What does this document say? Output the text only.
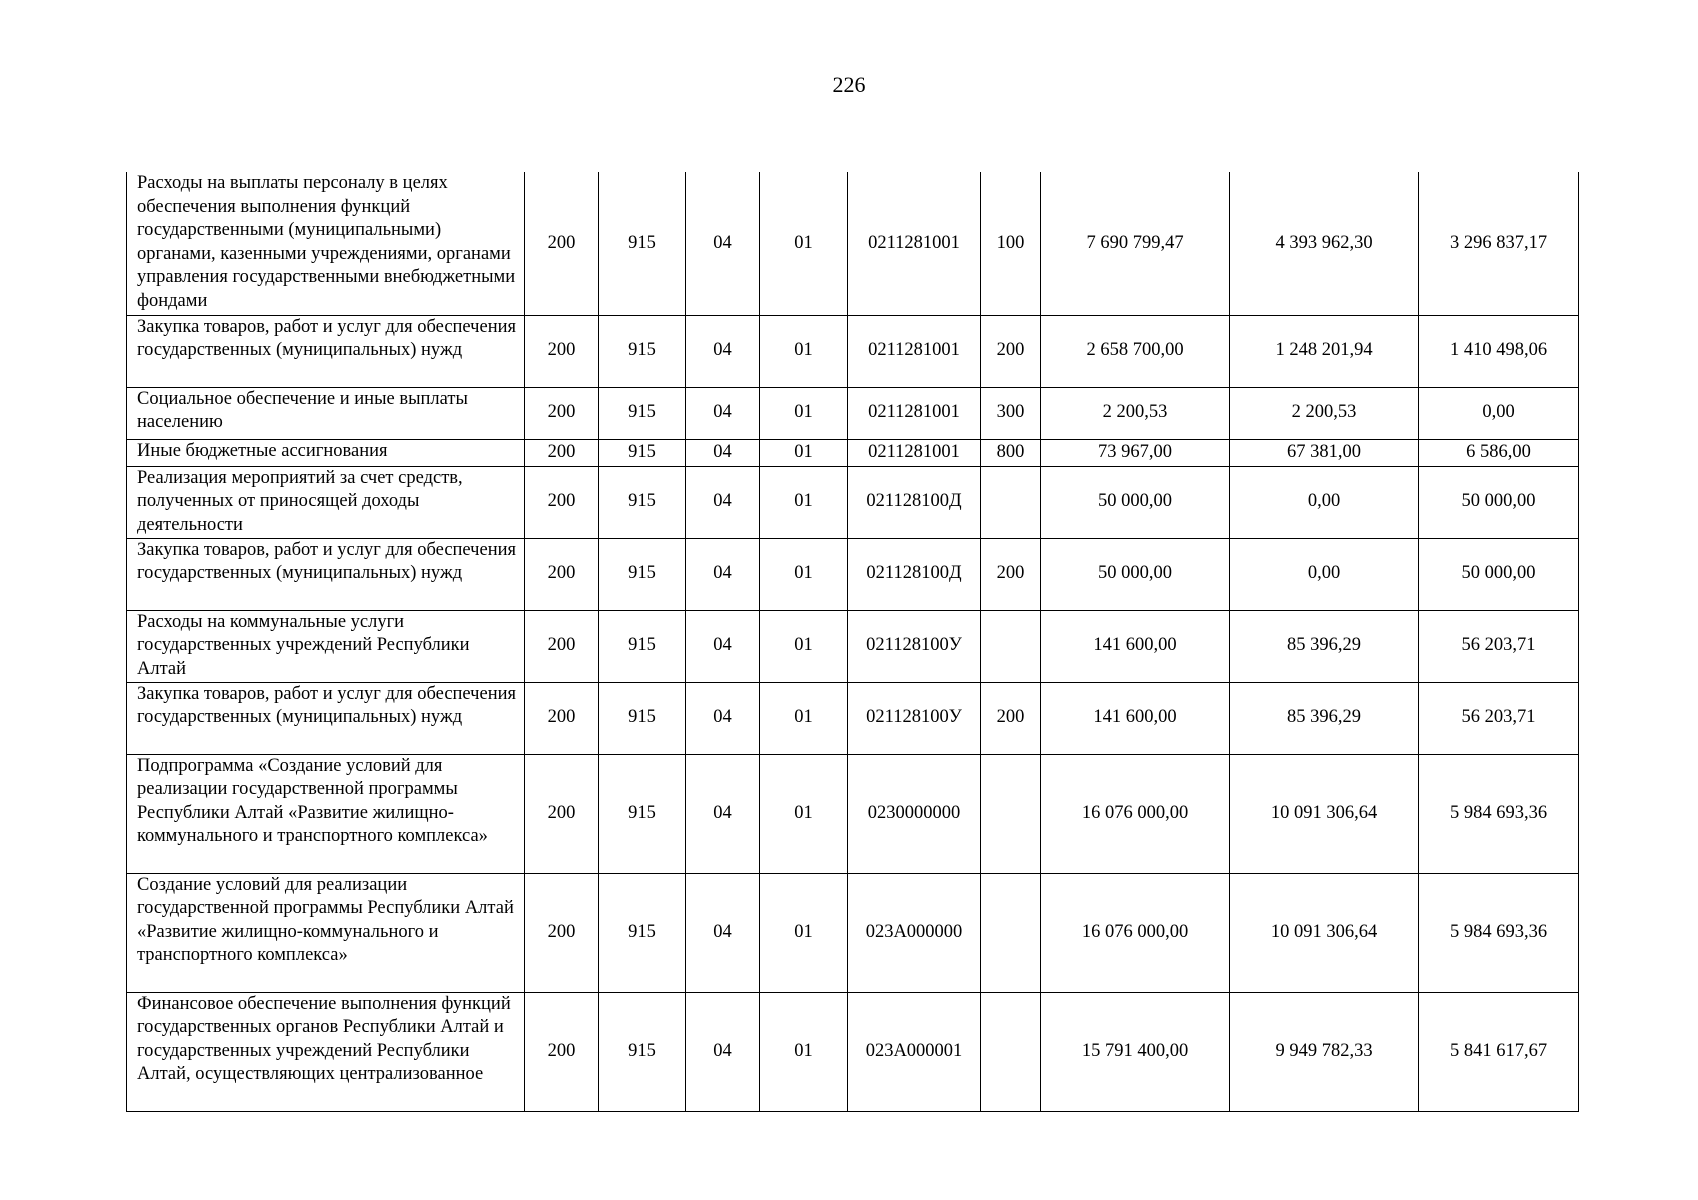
226
Расходы на выплаты персоналу в целях обеспечения выполнения функций государственными (муниципальными) органами, казенными учреждениями, органами управления государственными внебюджетными фондами	200	915	04	01	0211281001	100	7 690 799,47	4 393 962,30	3 296 837,17
Закупка товаров, работ и услуг для обеспечения государственных (муниципальных) нужд	200	915	04	01	0211281001	200	2 658 700,00	1 248 201,94	1 410 498,06
Социальное обеспечение и иные выплаты населению	200	915	04	01	0211281001	300	2 200,53	2 200,53	0,00
Иные бюджетные ассигнования	200	915	04	01	0211281001	800	73 967,00	67 381,00	6 586,00
Реализация мероприятий за счет средств, полученных от приносящей доходы деятельности	200	915	04	01	021128100Д		50 000,00	0,00	50 000,00
Закупка товаров, работ и услуг для обеспечения государственных (муниципальных) нужд	200	915	04	01	021128100Д	200	50 000,00	0,00	50 000,00
Расходы на коммунальные услуги государственных учреждений Республики Алтай	200	915	04	01	021128100У		141 600,00	85 396,29	56 203,71
Закупка товаров, работ и услуг для обеспечения государственных (муниципальных) нужд	200	915	04	01	021128100У	200	141 600,00	85 396,29	56 203,71
Подпрограмма «Создание условий для реализации государственной программы Республики Алтай «Развитие жилищно-коммунального и транспортного комплекса»	200	915	04	01	0230000000		16 076 000,00	10 091 306,64	5 984 693,36
Создание условий для реализации государственной программы Республики Алтай «Развитие жилищно-коммунального и транспортного комплекса»	200	915	04	01	023А000000		16 076 000,00	10 091 306,64	5 984 693,36
Финансовое обеспечение выполнения функций государственных органов Республики Алтай и государственных учреждений Республики Алтай, осуществляющих централизованное	200	915	04	01	023А000001		15 791 400,00	9 949 782,33	5 841 617,67
